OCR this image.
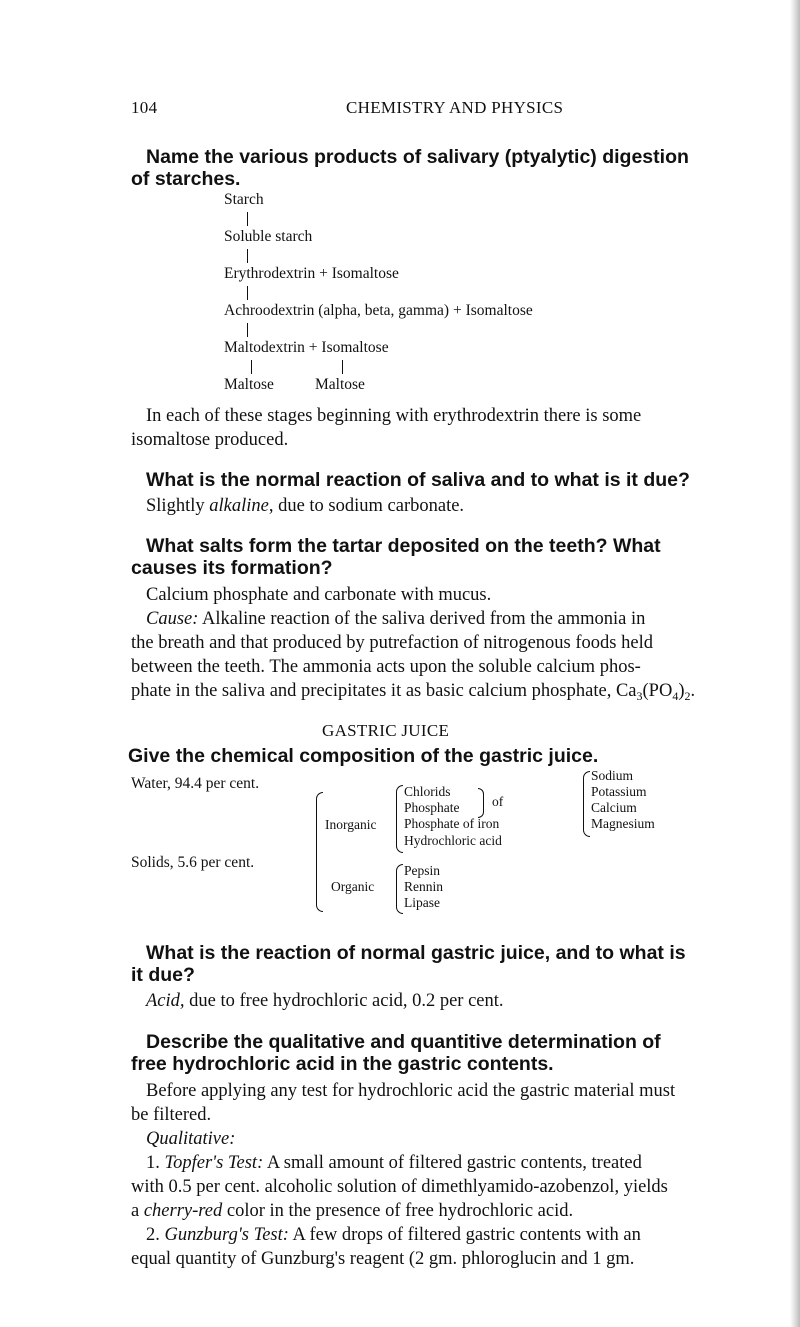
104	CHEMISTRY AND PHYSICS
Name the various products of salivary (ptyalytic) digestion
of starches.
Starch
Soluble starch
Erythrodextrin + Isomaltose
Achroodextrin (alpha, beta, gamma) + Isomaltose
Maltodextrin + Isomaltose
Maltose	Maltose
In each of these stages beginning with erythrodextrin there is some
isomaltose produced.
What is the normal reaction of saliva and to what is it due?
Slightly alkaline, due to sodium carbonate.
What salts form the tartar deposited on the teeth? What
causes its formation?
Calcium phosphate and carbonate with mucus.
Cause: Alkaline reaction of the saliva derived from the ammonia in
the breath and that produced by putrefaction of nitrogenous foods held
between the teeth. The ammonia acts upon the soluble calcium phos-
phate in the saliva and precipitates it as basic calcium phosphate, $Ca_3(PO_4)_2$.
GASTRIC JUICE
Give the chemical composition of the gastric juice.
Water, 94.4 per cent.
Solids, 5.6 per cent.
Inorganic
Chlorids
Phosphate of
Phosphate of iron
Hydrochloric acid
Organic
Pepsin
Rennin
Lipase
Sodium
Potassium
Calcium
Magnesium
What is the reaction of normal gastric juice, and to what is
it due?
Acid, due to free hydrochloric acid, 0.2 per cent.
Describe the qualitative and quantitive determination of
free hydrochloric acid in the gastric contents.
Before applying any test for hydrochloric acid the gastric material must
be filtered.
Qualitative:
1. Topfer's Test: A small amount of filtered gastric contents, treated
with 0.5 per cent. alcoholic solution of dimethlyamido-azobenzol, yields
a cherry-red color in the presence of free hydrochloric acid.
2. Gunzburg's Test: A few drops of filtered gastric contents with an
equal quantity of Gunzburg's reagent (2 gm. phloroglucin and 1 gm.
